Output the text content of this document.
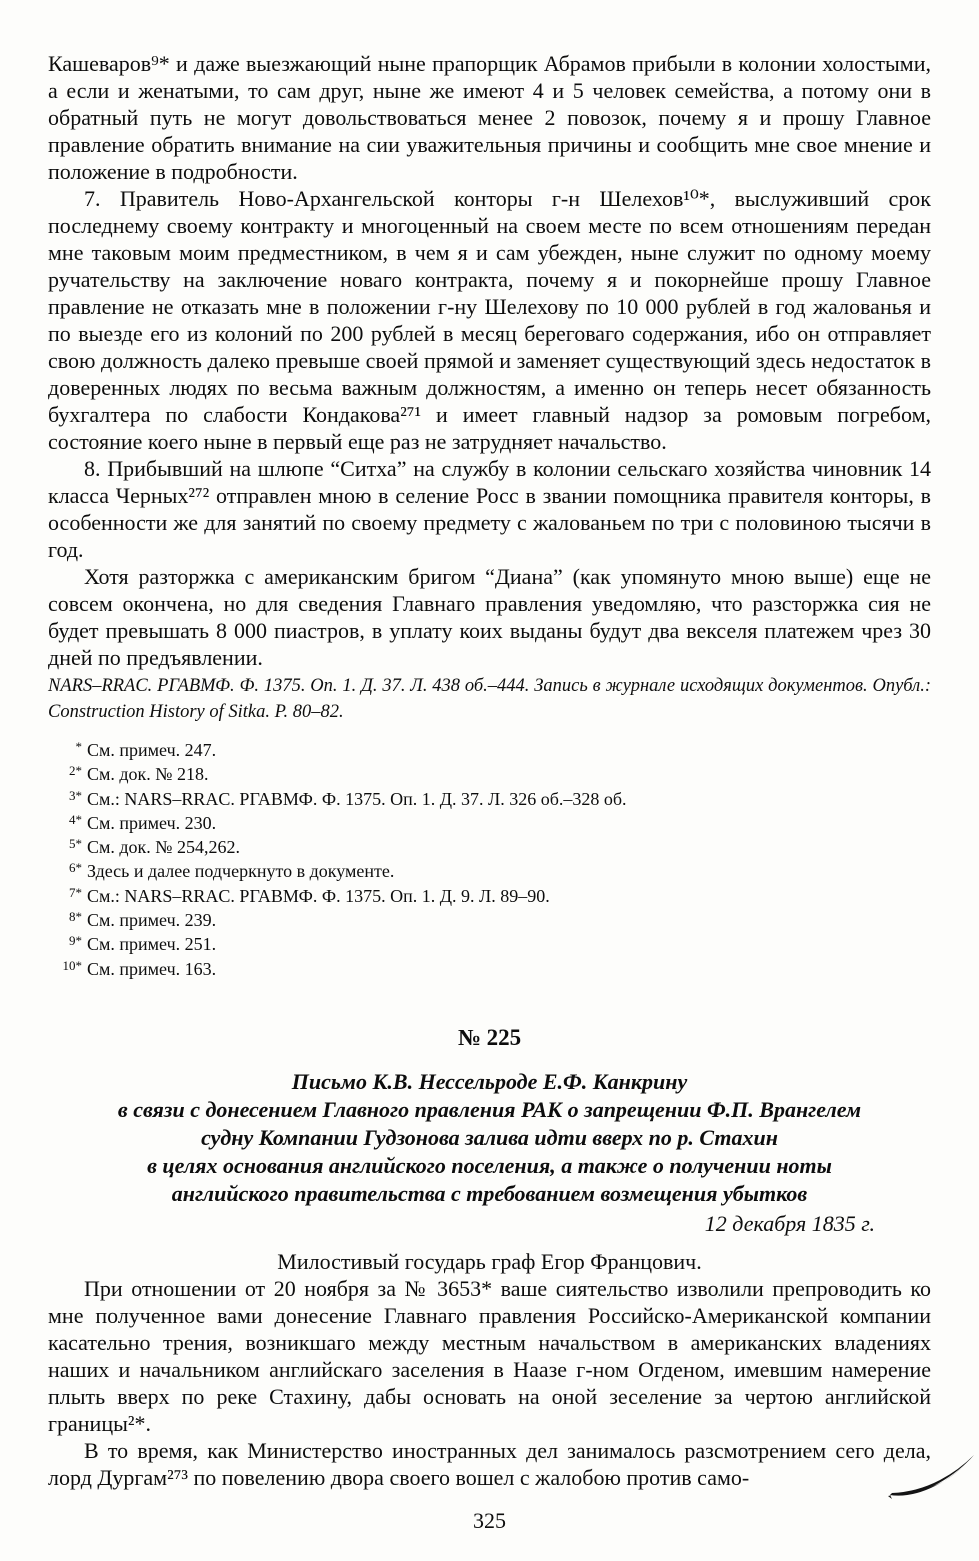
Кашеваров⁹* и даже выезжающий ныне прапорщик Абрамов прибыли в колонии холостыми, а если и женатыми, то сам друг, ныне же имеют 4 и 5 человек семейства, а потому они в обратный путь не могут довольствоваться менее 2 повозок, почему я и прошу Главное правление обратить внимание на сии уважительныя причины и сообщить мне свое мнение и положение в подробности.

7. Правитель Ново-Архангельской конторы г-н Шелехов¹⁰*, выслуживший срок последнему своему контракту и многоценный на своем месте по всем отношениям передан мне таковым моим предместником, в чем я и сам убежден, ныне служит по одному моему ручательству на заключение новаго контракта, почему я и покорнейше прошу Главное правление не отказать мне в положении г-ну Шелехову по 10 000 рублей в год жалованья и по выезде его из колоний по 200 рублей в месяц береговаго содержания, ибо он отправляет свою должность далеко превыше своей прямой и заменяет существующий здесь недостаток в доверенных людях по весьма важным должностям, а именно он теперь несет обязанность бухгалтера по слабости Кондакова²⁷¹ и имеет главный надзор за ромовым погребом, состояние коего ныне в первый еще раз не затрудняет начальство.

8. Прибывший на шлюпе “Ситха” на службу в колонии сельскаго хозяйства чиновник 14 класса Черных²⁷² отправлен мною в селение Росс в звании помощника правителя конторы, в особенности же для занятий по своему предмету с жалованьем по три с половиною тысячи в год.

Хотя разторжка с американским бригом “Диана” (как упомянуто мною выше) еще не совсем окончена, но для сведения Главнаго правления уведомляю, что разсторжка сия не будет превышать 8 000 пиастров, в уплату коих выданы будут два векселя платежем чрез 30 дней по предъявлении.

NARS–RRAC. РГАВМФ. Ф. 1375. Оп. 1. Д. 37. Л. 438 об.–444. Запись в журнале исходящих документов. Опубл.: Construction History of Sitka. P. 80–82.
* См. примеч. 247.
2* См. док. № 218.
3* См.: NARS–RRAC. РГАВМФ. Ф. 1375. Оп. 1. Д. 37. Л. 326 об.–328 об.
4* См. примеч. 230.
5* См. док. № 254,262.
6* Здесь и далее подчеркнуто в документе.
7* См.: NARS–RRAC. РГАВМФ. Ф. 1375. Оп. 1. Д. 9. Л. 89–90.
8* См. примеч. 239.
9* См. примеч. 251.
10* См. примеч. 163.
№ 225
Письмо К.В. Нессельроде Е.Ф. Канкрину
в связи с донесением Главного правления РАК о запрещении Ф.П. Врангелем
судну Компании Гудзонова залива идти вверх по р. Стахин
в целях основания английского поселения, а также о получении ноты
английского правительства с требованием возмещения убытков
12 декабря 1835 г.
Милостивый государь граф Егор Францович.

При отношении от 20 ноября за № 3653* ваше сиятельство изволили препроводить ко мне полученное вами донесение Главнаго правления Российско-Американской компании касательно трения, возникшаго между местным начальством в американских владениях наших и начальником английскаго заселения в Наазе г-ном Огденом, имевшим намерение плыть вверх по реке Стахину, дабы основать на оной зеселение за чертою английской границы²*.

В то время, как Министерство иностранных дел занималось разсмотрением сего дела, лорд Дургам²⁷³ по повелению двора своего вошел с жалобою против само-

325
